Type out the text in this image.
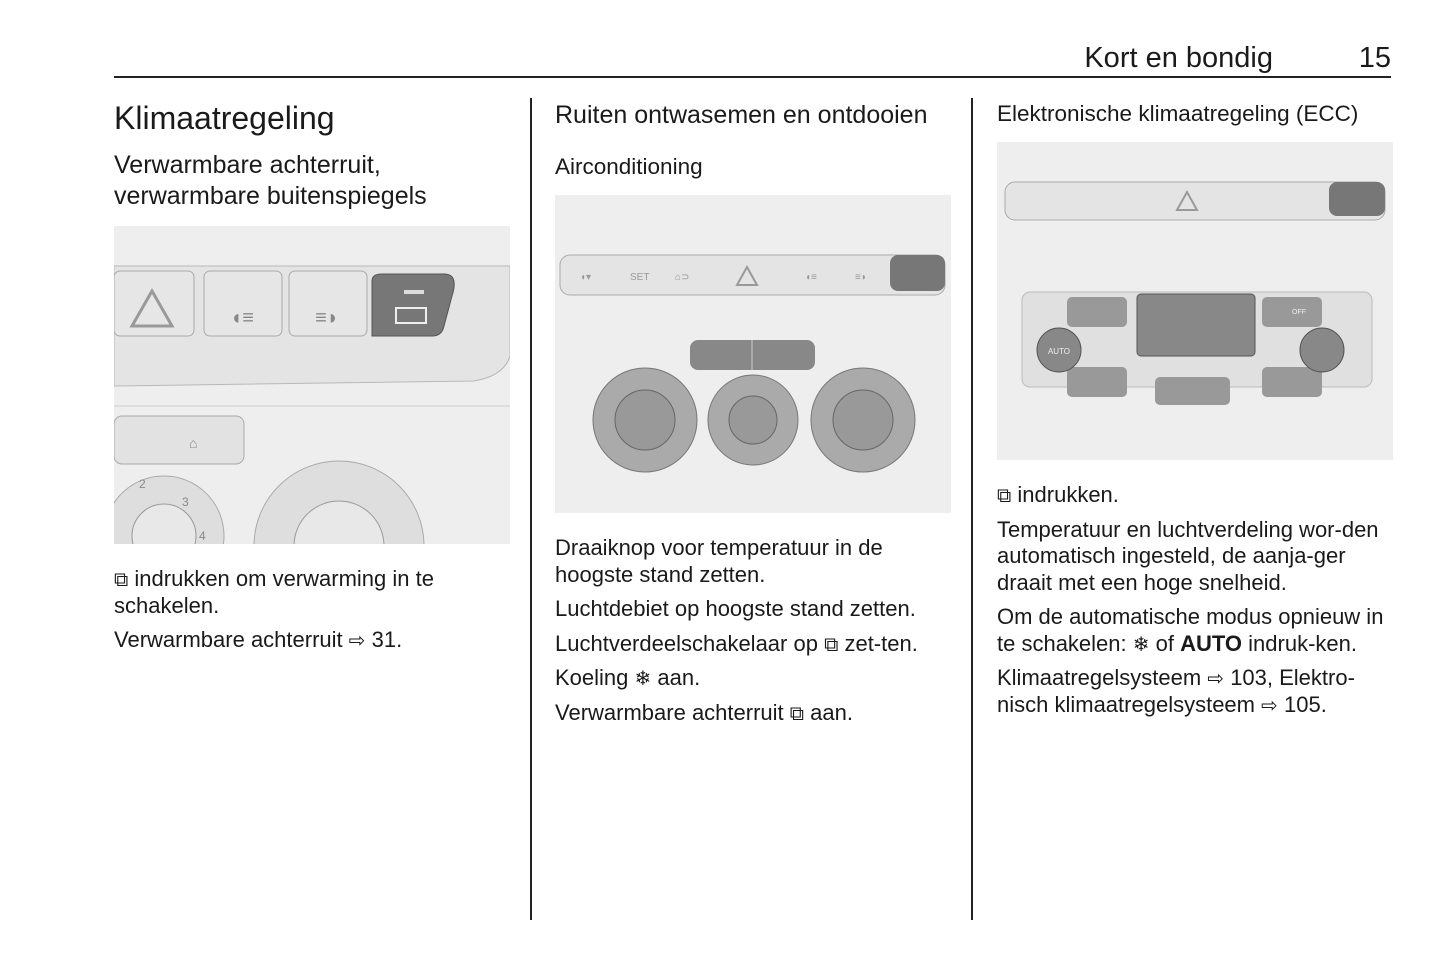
Kort en bondig	15
Klimaatregeling
Verwarmbare achterruit, verwarmbare buitenspiegels
◖≡	≡◗
⌂
2
3
4
⧉ indrukken om verwarming in te schakelen.
Verwarmbare achterruit ⇨ 31.
Ruiten ontwasemen en ontdooien
Airconditioning
◖▾	SET	⌂⊃	◖≡	≡◗
Draaiknop voor temperatuur in de hoogste stand zetten.
Luchtdebiet op hoogste stand zetten.
Luchtverdeelschakelaar op ⧉ zet-ten.
Koeling ❄ aan.
Verwarmbare achterruit ⧉ aan.
Elektronische klimaatregeling (ECC)
AUTO
OFF
⧉ indrukken.
Temperatuur en luchtverdeling wor-den automatisch ingesteld, de aanja-ger draait met een hoge snelheid.
Om de automatische modus opnieuw in te schakelen: ❄ of AUTO indruk-ken.
Klimaatregelsysteem ⇨ 103, Elektro-nisch klimaatregelsysteem ⇨ 105.
